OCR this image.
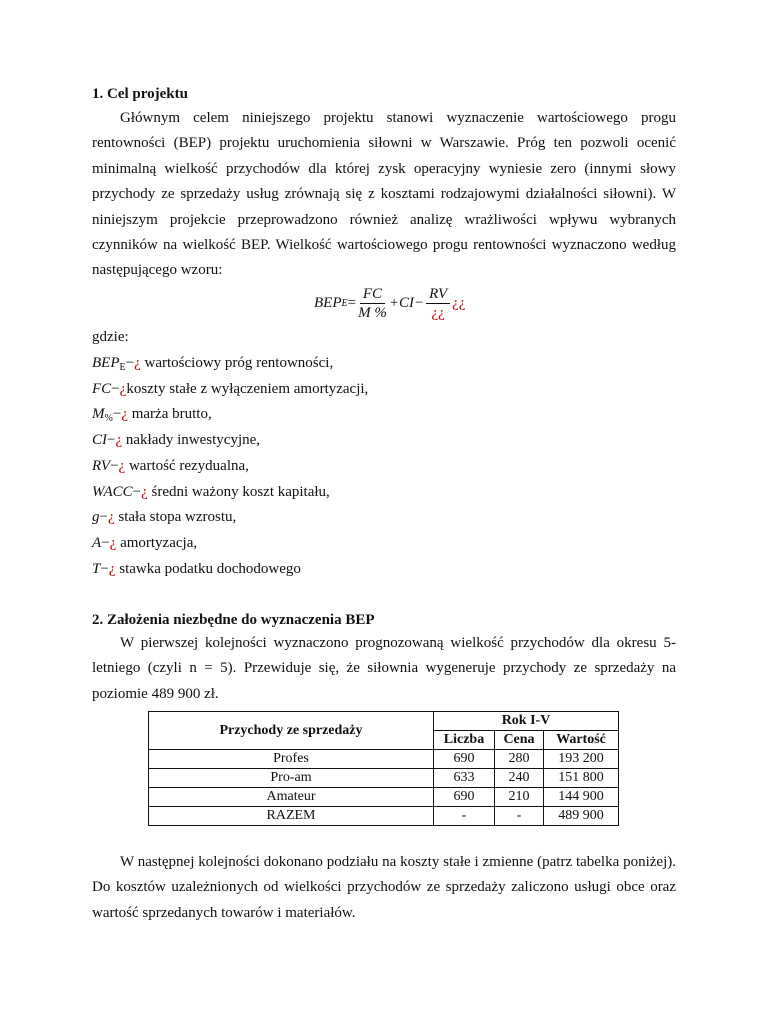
1. Cel projektu

Głównym celem niniejszego projektu stanowi wyznaczenie wartościowego progu rentowności (BEP) projektu uruchomienia siłowni w Warszawie. Próg ten pozwoli ocenić minimalną wielkość przychodów dla której zysk operacyjny wyniesie zero (innymi słowy przychody ze sprzedaży usług zrównają się z kosztami rodzajowymi działalności siłowni). W niniejszym projekcie przeprowadzono również analizę wrażliwości wpływu wybranych czynników na wielkość BEP. Wielkość wartościowego progu rentowności wyznaczono według następującego wzoru:

BEP $E = \frac{FC}{M \%} +CI- \frac{RV}{¿¿}$ ¿¿

gdzie:

$BEP_E-¿$ wartościowy próg rentowności,
FC−¿koszty stałe z wyłączeniem amortyzacji,
$M_{\%}-¿$ marża brutto,
CI−¿ nakłady inwestycyjne,
RV−¿ wartość rezydualna,
WACC−¿ średni ważony koszt kapitału,
g−¿ stała stopa wzrostu,
A−¿ amortyzacja,
T−¿ stawka podatku dochodowego
2. Założenia niezbędne do wyznaczenia BEP

W pierwszej kolejności wyznaczono prognozowaną wielkość przychodów dla okresu 5-letniego (czyli n = 5). Przewiduje się, że siłownia wygeneruje przychody ze sprzedaży na poziomie 489 900 zł.

Przychody ze sprzedaży	Rok I-V		
	Liczba	Cena	Wartość
Profes	690	280	193 200
Pro-am	633	240	151 800
Amateur	690	210	144 900
RAZEM	-	-	489 900

W następnej kolejności dokonano podziału na koszty stałe i zmienne (patrz tabelka poniżej). Do kosztów uzależnionych od wielkości przychodów ze sprzedaży zaliczono usługi obce oraz wartość sprzedanych towarów i materiałów.
